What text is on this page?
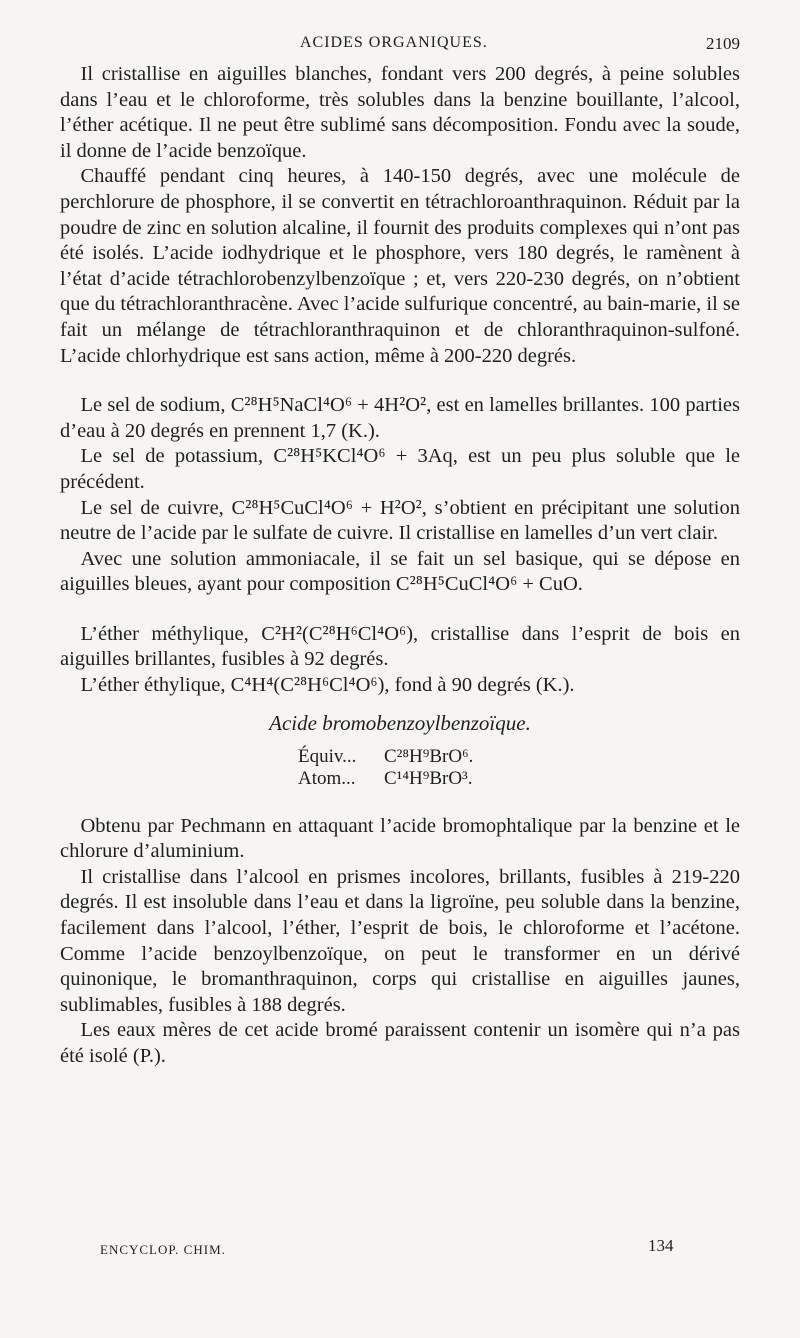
ACIDES ORGANIQUES.	2109

Il cristallise en aiguilles blanches, fondant vers 200 degrés, à peine solubles dans l’eau et le chloroforme, très solubles dans la benzine bouillante, l’alcool, l’éther acétique. Il ne peut être sublimé sans décomposition. Fondu avec la soude, il donne de l’acide benzoïque.

Chauffé pendant cinq heures, à 140-150 degrés, avec une molécule de perchlorure de phosphore, il se convertit en tétrachloroanthraquinon. Réduit par la poudre de zinc en solution alcaline, il fournit des produits complexes qui n’ont pas été isolés. L’acide iodhydrique et le phosphore, vers 180 degrés, le ramènent à l’état d’acide tétrachlorobenzylbenzoïque ; et, vers 220-230 degrés, on n’obtient que du tétrachloranthracène. Avec l’acide sulfurique concentré, au bain-marie, il se fait un mélange de tétrachloranthraquinon et de chloranthraquinon-sulfoné. L’acide chlorhydrique est sans action, même à 200-220 degrés.

Le sel de sodium, C²⁸H⁵NaCl⁴O⁶ + 4H²O², est en lamelles brillantes. 100 parties d’eau à 20 degrés en prennent 1,7 (K.).

Le sel de potassium, C²⁸H⁵KCl⁴O⁶ + 3Aq, est un peu plus soluble que le précédent.

Le sel de cuivre, C²⁸H⁵CuCl⁴O⁶ + H²O², s’obtient en précipitant une solution neutre de l’acide par le sulfate de cuivre. Il cristallise en lamelles d’un vert clair.

Avec une solution ammoniacale, il se fait un sel basique, qui se dépose en aiguilles bleues, ayant pour composition C²⁸H⁵CuCl⁴O⁶ + CuO.

L’éther méthylique, C²H²(C²⁸H⁶Cl⁴O⁶), cristallise dans l’esprit de bois en aiguilles brillantes, fusibles à 92 degrés.

L’éther éthylique, C⁴H⁴(C²⁸H⁶Cl⁴O⁶), fond à 90 degrés (K.).

Acide bromobenzoylbenzoïque.
Équiv...	C²⁸H⁹BrO⁶.
Atom...	C¹⁴H⁹BrO³.

Obtenu par Pechmann en attaquant l’acide bromophtalique par la benzine et le chlorure d’aluminium.

Il cristallise dans l’alcool en prismes incolores, brillants, fusibles à 219-220 degrés. Il est insoluble dans l’eau et dans la ligroïne, peu soluble dans la benzine, facilement dans l’alcool, l’éther, l’esprit de bois, le chloroforme et l’acétone. Comme l’acide benzoylbenzoïque, on peut le transformer en un dérivé quinonique, le bromanthraquinon, corps qui cristallise en aiguilles jaunes, sublimables, fusibles à 188 degrés.

Les eaux mères de cet acide bromé paraissent contenir un isomère qui n’a pas été isolé (P.).

ENCYCLOP. CHIM.	134
